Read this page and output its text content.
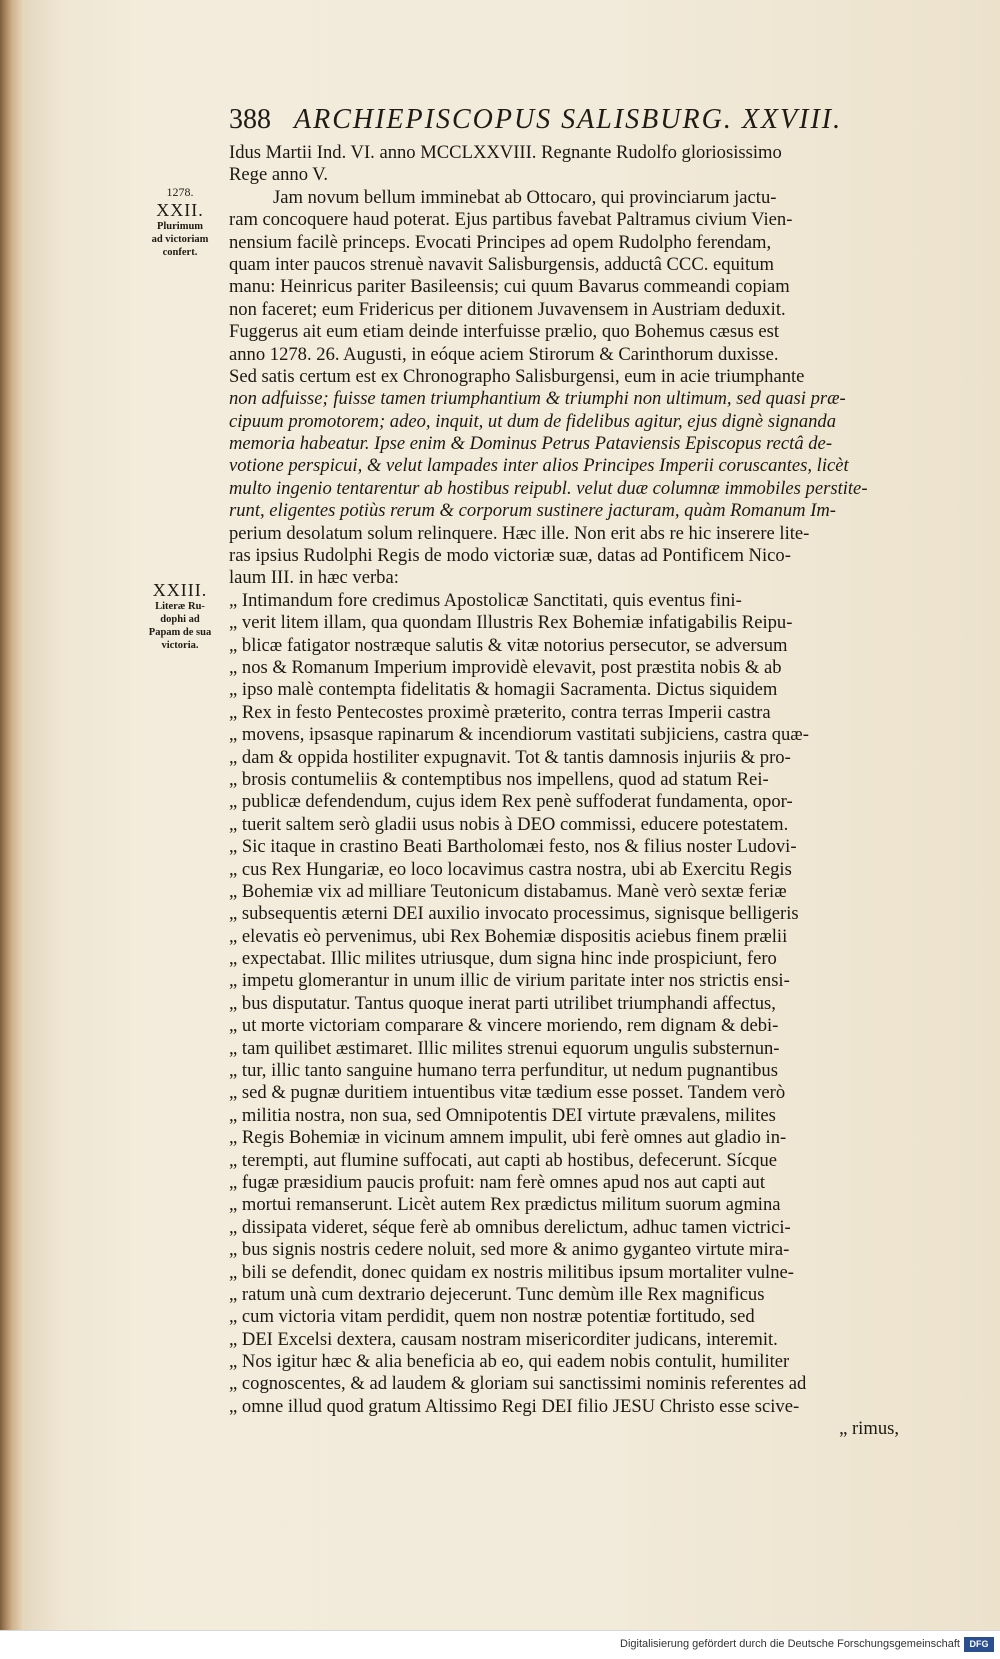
388 ARCHIEPISCOPUS SALISBURG. XXVIII.
1278.
XXII.
Plurimum
ad victoriam
confert.
XXIII.
Literæ Ru-
dophi ad
Papam de sua
victoria.
Idus Martii Ind. VI. anno MCCLXXVIII. Regnante Rudolfo gloriosissimo
Rege anno V.
Jam novum bellum imminebat ab Ottocaro, qui provinciarum jactu-
ram concoquere haud poterat. Ejus partibus favebat Paltramus civium Vien-
nensium facilè princeps. Evocati Principes ad opem Rudolpho ferendam,
quam inter paucos strenuè navavit Salisburgensis, adductâ CCC. equitum
manu: Heinricus pariter Basileensis; cui quum Bavarus commeandi copiam
non faceret; eum Fridericus per ditionem Juvavensem in Austriam deduxit.
Fuggerus ait eum etiam deinde interfuisse prælio, quo Bohemus cæsus est
anno 1278. 26. Augusti, in eóque aciem Stirorum & Carinthorum duxisse.
Sed satis certum est ex Chronographo Salisburgensi, eum in acie triumphante
non adfuisse; fuisse tamen triumphantium & triumphi non ultimum, sed quasi præ-
cipuum promotorem; adeo, inquit, ut dum de fidelibus agitur, ejus dignè signanda
memoria habeatur. Ipse enim & Dominus Petrus Pataviensis Episcopus rectâ de-
votione perspicui, & velut lampades inter alios Principes Imperii coruscantes, licèt
multo ingenio tentarentur ab hostibus reipubl. velut duæ columnæ immobiles perstite-
runt, eligentes potiùs rerum & corporum sustinere jacturam, quàm Romanum Im-
perium desolatum solum relinquere. Hæc ille. Non erit abs re hic inserere lite-
ras ipsius Rudolphi Regis de modo victoriæ suæ, datas ad Pontificem Nico-
laum III. in hæc verba:
„ Intimandum fore credimus Apostolicæ Sanctitati, quis eventus fini-
„ verit litem illam, qua quondam Illustris Rex Bohemiæ infatigabilis Reipu-
„ blicæ fatigator nostræque salutis & vitæ notorius persecutor, se adversum
„ nos & Romanum Imperium improvidè elevavit, post præstita nobis & ab
„ ipso malè contempta fidelitatis & homagii Sacramenta. Dictus siquidem
„ Rex in festo Pentecostes proximè præterito, contra terras Imperii castra
„ movens, ipsasque rapinarum & incendiorum vastitati subjiciens, castra quæ-
„ dam & oppida hostiliter expugnavit. Tot & tantis damnosis injuriis & pro-
„ brosis contumeliis & contemptibus nos impellens, quod ad statum Rei-
„ publicæ defendendum, cujus idem Rex penè suffoderat fundamenta, opor-
„ tuerit saltem serò gladii usus nobis à DEO commissi, educere potestatem.
„ Sic itaque in crastino Beati Bartholomæi festo, nos & filius noster Ludovi-
„ cus Rex Hungariæ, eo loco locavimus castra nostra, ubi ab Exercitu Regis
„ Bohemiæ vix ad milliare Teutonicum distabamus. Manè verò sextæ feriæ
„ subsequentis æterni DEI auxilio invocato processimus, signisque belligeris
„ elevatis eò pervenimus, ubi Rex Bohemiæ dispositis aciebus finem prælii
„ expectabat. Illic milites utriusque, dum signa hinc inde prospiciunt, fero
„ impetu glomerantur in unum illic de virium paritate inter nos strictis ensi-
„ bus disputatur. Tantus quoque inerat parti utrilibet triumphandi affectus,
„ ut morte victoriam comparare & vincere moriendo, rem dignam & debi-
„ tam quilibet æstimaret. Illic milites strenui equorum ungulis substernun-
„ tur, illic tanto sanguine humano terra perfunditur, ut nedum pugnantibus
„ sed & pugnæ duritiem intuentibus vitæ tædium esse posset. Tandem verò
„ militia nostra, non sua, sed Omnipotentis DEI virtute prævalens, milites
„ Regis Bohemiæ in vicinum amnem impulit, ubi ferè omnes aut gladio in-
„ terempti, aut flumine suffocati, aut capti ab hostibus, defecerunt. Sícque
„ fugæ præsidium paucis profuit: nam ferè omnes apud nos aut capti aut
„ mortui remanserunt. Licèt autem Rex prædictus militum suorum agmina
„ dissipata videret, séque ferè ab omnibus derelictum, adhuc tamen victrici-
„ bus signis nostris cedere noluit, sed more & animo gyganteo virtute mira-
„ bili se defendit, donec quidam ex nostris militibus ipsum mortaliter vulne-
„ ratum unà cum dextrario dejecerunt. Tunc demùm ille Rex magnificus
„ cum victoria vitam perdidit, quem non nostræ potentiæ fortitudo, sed
„ DEI Excelsi dextera, causam nostram misericorditer judicans, interemit.
„ Nos igitur hæc & alia beneficia ab eo, qui eadem nobis contulit, humiliter
„ cognoscentes, & ad laudem & gloriam sui sanctissimi nominis referentes ad
„ omne illud quod gratum Altissimo Regi DEI filio JESU Christo esse scive-
„ rimus,
Digitalisierung gefördert durch die Deutsche Forschungsgemeinschaft	DFG
